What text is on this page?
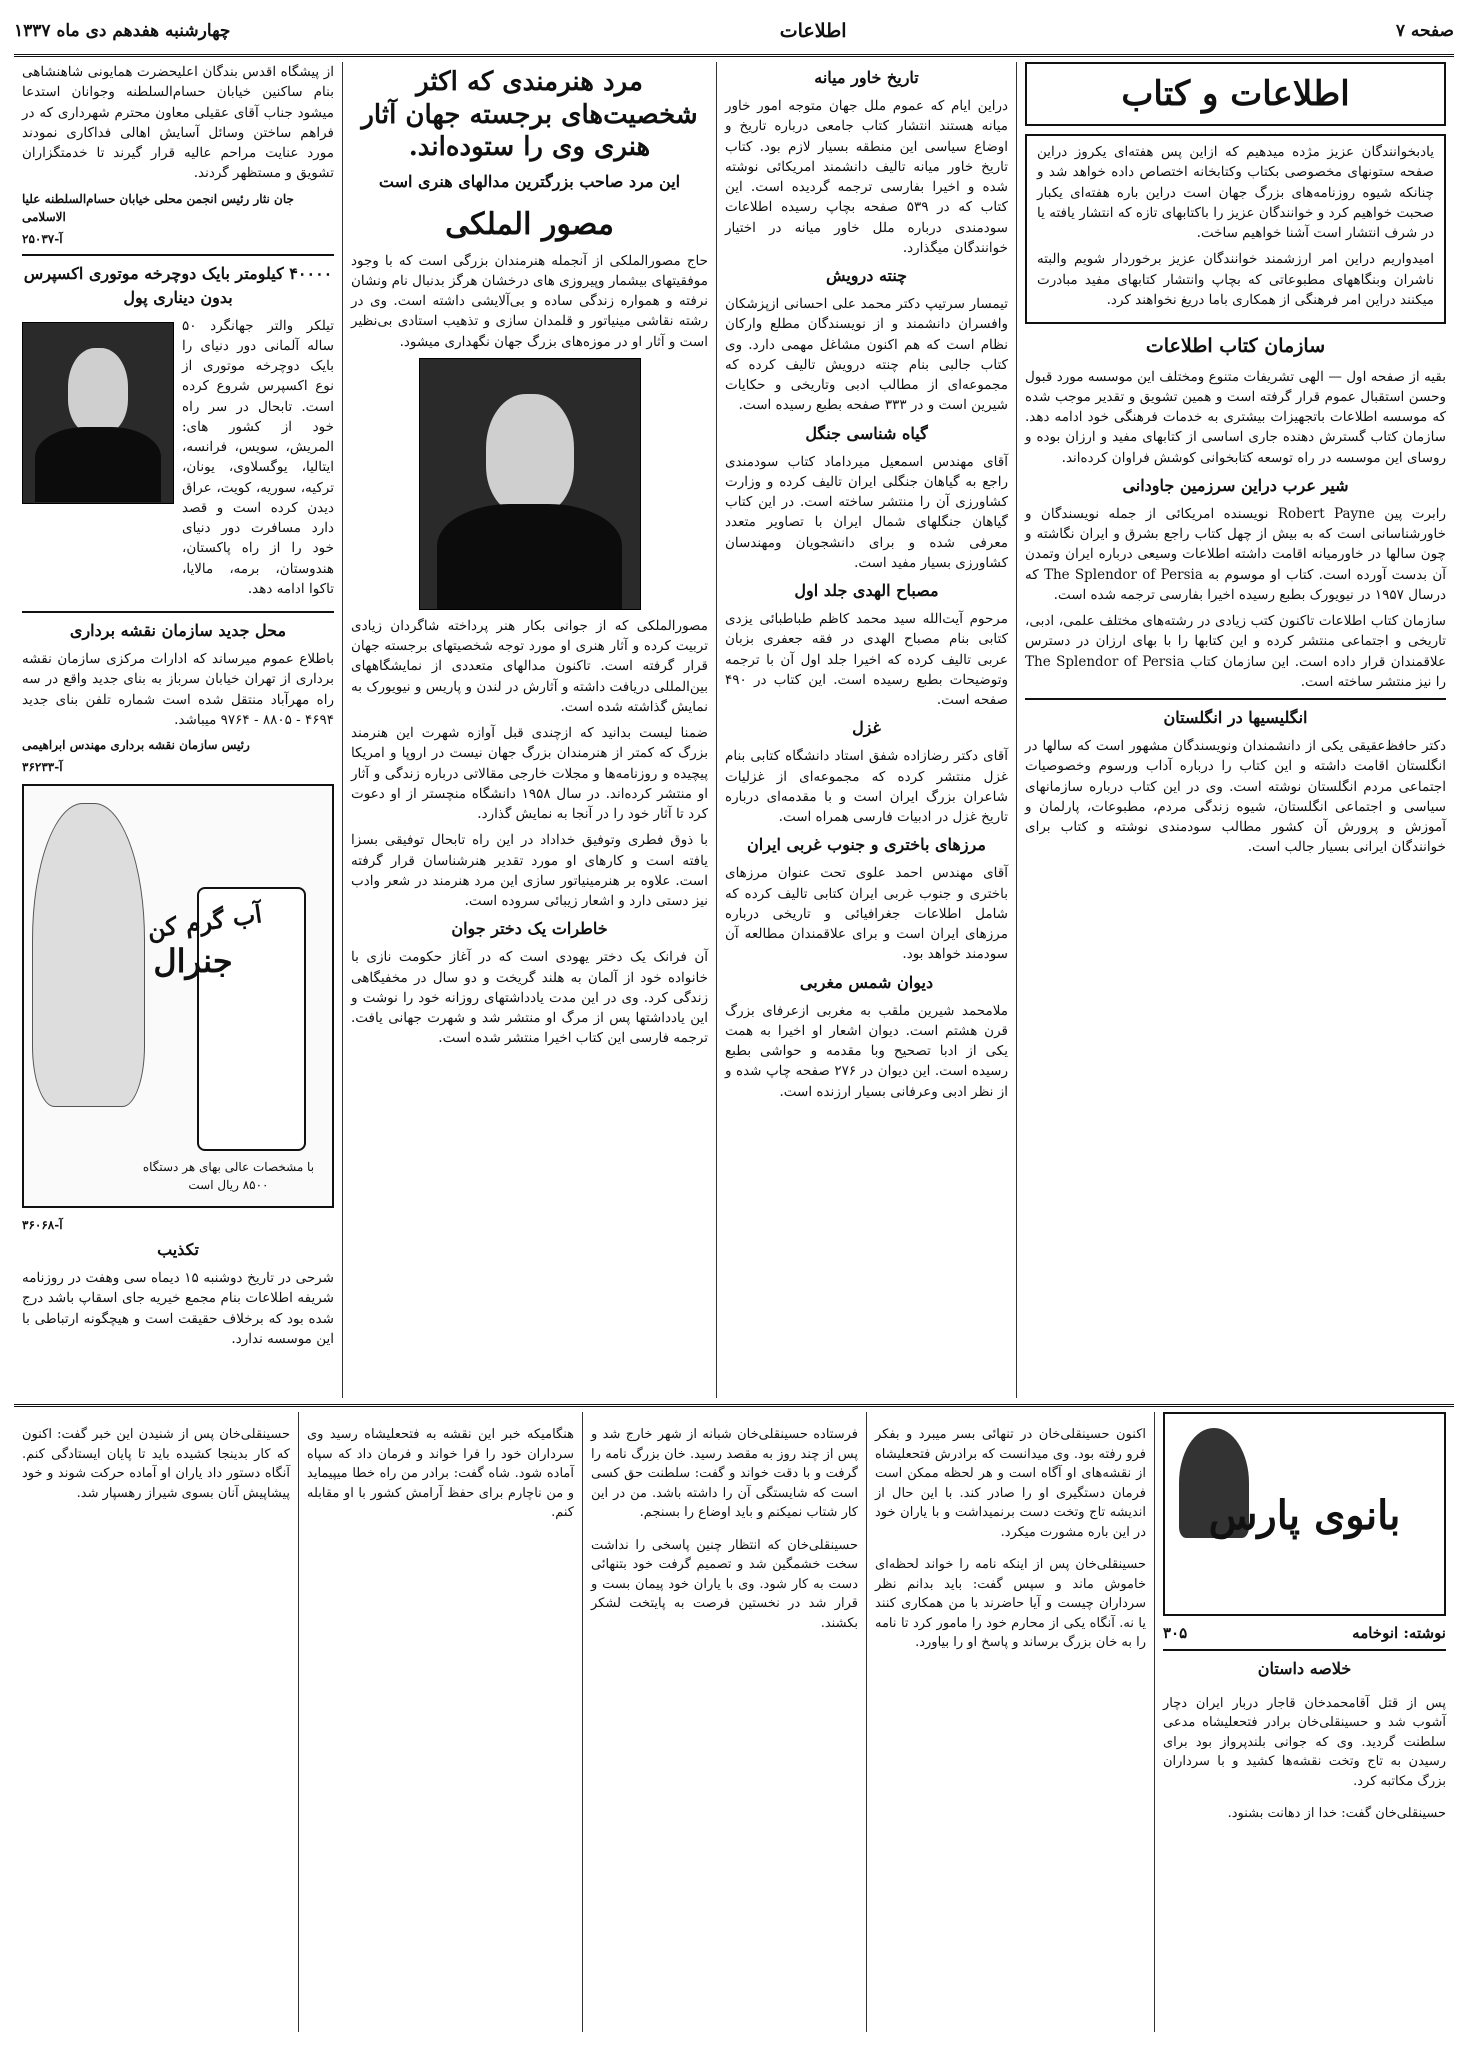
صفحه ۷
اطلاعات
چهارشنبه هفدهم دی ماه ۱۳۳۷
اطلاعات و کتاب

یادبخوانندگان عزیز مژده میدهیم که ازاین پس هفته‌ای یکروز دراین صفحه ستونهای مخصوصی بکتاب وکتابخانه اختصاص داده خواهد شد و چنانکه شیوه روزنامه‌های بزرگ جهان است دراین باره هفته‌ای یکبار صحبت خواهیم کرد و خوانندگان عزیز را باکتابهای تازه که انتشار یافته یا در شرف انتشار است آشنا خواهیم ساخت.

امیدواریم دراین امر ارزشمند خوانندگان عزیز برخوردار شویم والبته ناشران وبنگاههای مطبوعاتی که بچاپ وانتشار کتابهای مفید مبادرت میکنند دراین امر فرهنگی از همکاری باما دریغ نخواهند کرد.

سازمان کتاب اطلاعات

بقیه از صفحه اول — الهی تشریفات متنوع ومختلف این موسسه مورد قبول وحسن استقبال عموم قرار گرفته است و همین تشویق و تقدیر موجب شده که موسسه اطلاعات باتجهیزات بیشتری به خدمات فرهنگی خود ادامه دهد. سازمان کتاب گسترش دهنده جاری اساسی از کتابهای مفید و ارزان بوده و روسای این موسسه در راه توسعه کتابخوانی کوشش فراوان کرده‌اند.

شیر عرب دراین سرزمین جاودانی

رابرت پین Robert Payne نویسنده امریکائی از جمله نویسندگان و خاورشناسانی است که به بیش از چهل کتاب راجع بشرق و ایران نگاشته و چون سالها در خاورمیانه اقامت داشته اطلاعات وسیعی درباره ایران وتمدن آن بدست آورده است. کتاب او موسوم به The Splendor of Persia که درسال ۱۹۵۷ در نیویورک بطبع رسیده اخیرا بفارسی ترجمه شده است.

سازمان کتاب اطلاعات تاکنون کتب زیادی در رشته‌های مختلف علمی، ادبی، تاریخی و اجتماعی منتشر کرده و این کتابها را با بهای ارزان در دسترس علاقمندان قرار داده است. این سازمان کتاب The Splendor of Persia را نیز منتشر ساخته است.

انگلیسیها در انگلستان

دکتر حافظ‌عقیقی یکی از دانشمندان ونویسندگان مشهور است که سالها در انگلستان اقامت داشته و این کتاب را درباره آداب ورسوم وخصوصیات اجتماعی مردم انگلستان نوشته است. وی در این کتاب درباره سازمانهای سیاسی و اجتماعی انگلستان، شیوه زندگی مردم، مطبوعات، پارلمان و آموزش و پرورش آن کشور مطالب سودمندی نوشته و کتاب برای خوانندگان ایرانی بسیار جالب است.

تاریخ خاور میانه

دراین ایام که عموم ملل جهان متوجه امور خاور میانه هستند انتشار کتاب جامعی درباره تاریخ و اوضاع سیاسی این منطقه بسیار لازم بود. کتاب تاریخ خاور میانه تالیف دانشمند امریکائی نوشته شده و اخیرا بفارسی ترجمه گردیده است. این کتاب که در ۵۳۹ صفحه بچاپ رسیده اطلاعات سودمندی درباره ملل خاور میانه در اختیار خوانندگان میگذارد.

چنته درویش

تیمسار سرتیپ دکتر محمد علی احسانی ازپزشکان وافسران دانشمند و از نویسندگان مطلع وارکان نظام است که هم اکنون مشاغل مهمی دارد. وی کتاب جالبی بنام چنته درویش تالیف کرده که مجموعه‌ای از مطالب ادبی وتاریخی و حکایات شیرین است و در ۳۳۳ صفحه بطبع رسیده است.

گیاه شناسی جنگل

آقای مهندس اسمعیل میرداماد کتاب سودمندی راجع به گیاهان جنگلی ایران تالیف کرده و وزارت کشاورزی آن را منتشر ساخته است. در این کتاب گیاهان جنگلهای شمال ایران با تصاویر متعدد معرفی شده و برای دانشجویان ومهندسان کشاورزی بسیار مفید است.

مصباح الهدی جلد اول

مرحوم آیت‌الله سید محمد کاظم طباطبائی یزدی کتابی بنام مصباح الهدی در فقه جعفری بزبان عربی تالیف کرده که اخیرا جلد اول آن با ترجمه وتوضیحات بطبع رسیده است. این کتاب در ۴۹۰ صفحه است.

غزل

آقای دکتر رضازاده شفق استاد دانشگاه کتابی بنام غزل منتشر کرده که مجموعه‌ای از غزلیات شاعران بزرگ ایران است و با مقدمه‌ای درباره تاریخ غزل در ادبیات فارسی همراه است.

مرزهای باختری و جنوب غربی ایران

آقای مهندس احمد علوی تحت عنوان مرزهای باختری و جنوب غربی ایران کتابی تالیف کرده که شامل اطلاعات جغرافیائی و تاریخی درباره مرزهای ایران است و برای علاقمندان مطالعه آن سودمند خواهد بود.

دیوان شمس مغربی

ملامحمد شیرین ملقب به مغربی ازعرفای بزرگ قرن هشتم است. دیوان اشعار او اخیرا به همت یکی از ادبا تصحیح وبا مقدمه و حواشی بطبع رسیده است. این دیوان در ۲۷۶ صفحه چاپ شده و از نظر ادبی وعرفانی بسیار ارزنده است.

مرد هنرمندی که اکثر شخصیت‌های برجسته جهان آثار هنری وی را ستوده‌اند.
این مرد صاحب بزرگترین مدالهای هنری است
مصور الملکی

حاج مصورالملکی از آنجمله هنرمندان بزرگی است که با وجود موفقیتهای بیشمار وپیروزی های درخشان هرگز بدنبال نام ونشان نرفته و همواره زندگی ساده و بی‌آلایشی داشته است. وی در رشته نقاشی مینیاتور و قلمدان سازی و تذهیب استادی بی‌نظیر است و آثار او در موزه‌های بزرگ جهان نگهداری میشود.

مصورالملکی که از جوانی بکار هنر پرداخته شاگردان زیادی تربیت کرده و آثار هنری او مورد توجه شخصیتهای برجسته جهان قرار گرفته است. تاکنون مدالهای متعددی از نمایشگاههای بین‌المللی دریافت داشته و آثارش در لندن و پاریس و نیویورک به نمایش گذاشته شده است.

ضمنا لیست بدانید که ازچندی قبل آوازه شهرت این هنرمند بزرگ که کمتر از هنرمندان بزرگ جهان نیست در اروپا و امریکا پیچیده و روزنامه‌ها و مجلات خارجی مقالاتی درباره زندگی و آثار او منتشر کرده‌اند. در سال ۱۹۵۸ دانشگاه منچستر از او دعوت کرد تا آثار خود را در آنجا به نمایش گذارد.

با ذوق فطری وتوفیق خداداد در این راه تابحال توفیقی بسزا یافته است و کارهای او مورد تقدیر هنرشناسان قرار گرفته است. علاوه بر هنرمینیاتور سازی این مرد هنرمند در شعر وادب نیز دستی دارد و اشعار زیبائی سروده است.

خاطرات یک دختر جوان

آن فرانک یک دختر یهودی است که در آغاز حکومت نازی با خانواده خود از آلمان به هلند گریخت و دو سال در مخفیگاهی زندگی کرد. وی در این مدت یادداشتهای روزانه خود را نوشت و این یادداشتها پس از مرگ او منتشر شد و شهرت جهانی یافت. ترجمه فارسی این کتاب اخیرا منتشر شده است.

از پیشگاه اقدس بندگان اعلیحضرت همایونی شاهنشاهی بنام ساکنین خیابان حسام‌السلطنه وجوانان استدعا میشود جناب آقای عقیلی معاون محترم شهرداری که در فراهم ساختن وسائل آسایش اهالی فداکاری نمودند مورد عنایت مراحم عالیه قرار گیرند تا خدمتگزاران تشویق و مستظهر گردند.

جان نثار رئیس انجمن محلی خیابان حسام‌السلطنه علیا الاسلامی
آ-۲۵۰۳۷
۴۰۰۰۰ کیلومتر بایک دوچرخه موتوری اکسپرس بدون دیناری پول

تیلکر والتر جهانگرد ۵۰ ساله آلمانی دور دنیای را بایک دوچرخه موتوری از نوع اکسپرس شروع کرده است. تابحال در سر راه خود از کشور های: المریش، سویس، فرانسه، ایتالیا، یوگسلاوی، یونان، ترکیه، سوریه، کویت، عراق دیدن کرده است و قصد دارد مسافرت دور دنیای خود را از راه پاکستان، هندوستان، برمه، مالایا، تاکوا ادامه دهد.

محل جدید سازمان نقشه برداری

باطلاع عموم میرساند که ادارات مرکزی سازمان نقشه برداری از تهران خیابان سرباز به بنای جدید واقع در سه راه مهرآباد منتقل شده است شماره تلفن بنای جدید ۴۶۹۴ - ۸۸۰۵ - ۹۷۶۴ میباشد.

رئیس سازمان نقشه برداری مهندس ابراهیمی
آ-۳۶۲۳۳
آب گرم کن
جنرال
با مشخصات عالی بهای هر دستگاه ۸۵۰۰ ریال است
آ-۳۶۰۶۸
تکذیب

شرحی در تاریخ دوشنبه ۱۵ دیماه سی وهفت در روزنامه شریفه اطلاعات بنام مجمع خیریه جای اسقاپ باشد درج شده بود که برخلاف حقیقت است و هیچگونه ارتباطی با این موسسه ندارد.

بانوی پارس
نوشته: انوخامه
۳۰۵
خلاصه داستان

پس از قتل آقامحمدخان قاجار دربار ایران دچار آشوب شد و حسینقلی‌خان برادر فتحعلیشاه مدعی سلطنت گردید. وی که جوانی بلندپرواز بود برای رسیدن به تاج وتخت نقشه‌ها کشید و با سرداران بزرگ مکاتبه کرد.

حسینقلی‌خان گفت: خدا از دهانت بشنود.

اکنون حسینقلی‌خان در تنهائی بسر میبرد و بفکر فرو رفته بود. وی میدانست که برادرش فتحعلیشاه از نقشه‌های او آگاه است و هر لحظه ممکن است فرمان دستگیری او را صادر کند. با این حال از اندیشه تاج وتخت دست برنمیداشت و با یاران خود در این باره مشورت میکرد.

حسینقلی‌خان پس از اینکه نامه را خواند لحظه‌ای خاموش ماند و سپس گفت: باید بدانم نظر سرداران چیست و آیا حاضرند با من همکاری کنند یا نه. آنگاه یکی از محارم خود را مامور کرد تا نامه را به خان بزرگ برساند و پاسخ او را بیاورد.

فرستاده حسینقلی‌خان شبانه از شهر خارج شد و پس از چند روز به مقصد رسید. خان بزرگ نامه را گرفت و با دقت خواند و گفت: سلطنت حق کسی است که شایستگی آن را داشته باشد. من در این کار شتاب نمیکنم و باید اوضاع را بسنجم.

حسینقلی‌خان که انتظار چنین پاسخی را نداشت سخت خشمگین شد و تصمیم گرفت خود بتنهائی دست به کار شود. وی با یاران خود پیمان بست و قرار شد در نخستین فرصت به پایتخت لشکر بکشند.

هنگامیکه خبر این نقشه به فتحعلیشاه رسید وی سرداران خود را فرا خواند و فرمان داد که سپاه آماده شود. شاه گفت: برادر من راه خطا میپیماید و من ناچارم برای حفظ آرامش کشور با او مقابله کنم.

حسینقلی‌خان پس از شنیدن این خبر گفت: اکنون که کار بدینجا کشیده باید تا پایان ایستادگی کنم. آنگاه دستور داد یاران او آماده حرکت شوند و خود پیشاپیش آنان بسوی شیراز رهسپار شد.
